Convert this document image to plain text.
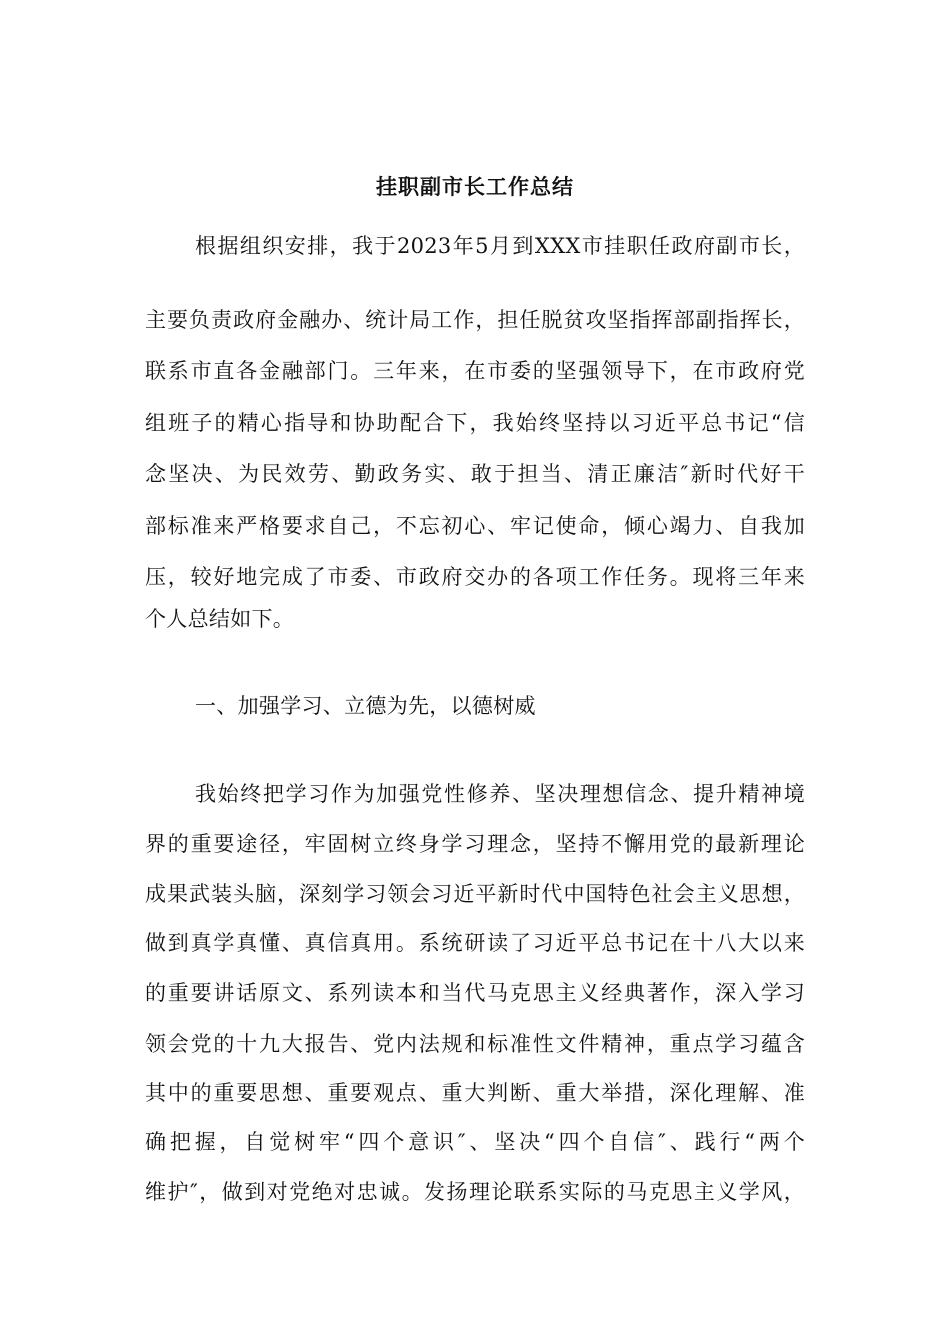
挂职副市长工作总结
根据组织安排，我于2023年5月到XXX市挂职任政府副市长，
主要负责政府金融办、统计局工作，担任脱贫攻坚指挥部副指挥长，
联系市直各金融部门。三年来，在市委的坚强领导下，在市政府党
组班子的精心指导和协助配合下，我始终坚持以习近平总书记“信
念坚决、为民效劳、勤政务实、敢于担当、清正廉洁″新时代好干
部标准来严格要求自己，不忘初心、牢记使命，倾心竭力、自我加
压，较好地完成了市委、市政府交办的各项工作任务。现将三年来
个人总结如下。
一、加强学习、立德为先，以德树威
我始终把学习作为加强党性修养、坚决理想信念、提升精神境
界的重要途径，牢固树立终身学习理念，坚持不懈用党的最新理论
成果武装头脑，深刻学习领会习近平新时代中国特色社会主义思想，
做到真学真懂、真信真用。系统研读了习近平总书记在十八大以来
的重要讲话原文、系列读本和当代马克思主义经典著作，深入学习
领会党的十九大报告、党内法规和标准性文件精神，重点学习蕴含
其中的重要思想、重要观点、重大判断、重大举措，深化理解、准
确把握，自觉树牢“四个意识″、坚决“四个自信″、践行“两个
维护″，做到对党绝对忠诚。发扬理论联系实际的马克思主义学风，
